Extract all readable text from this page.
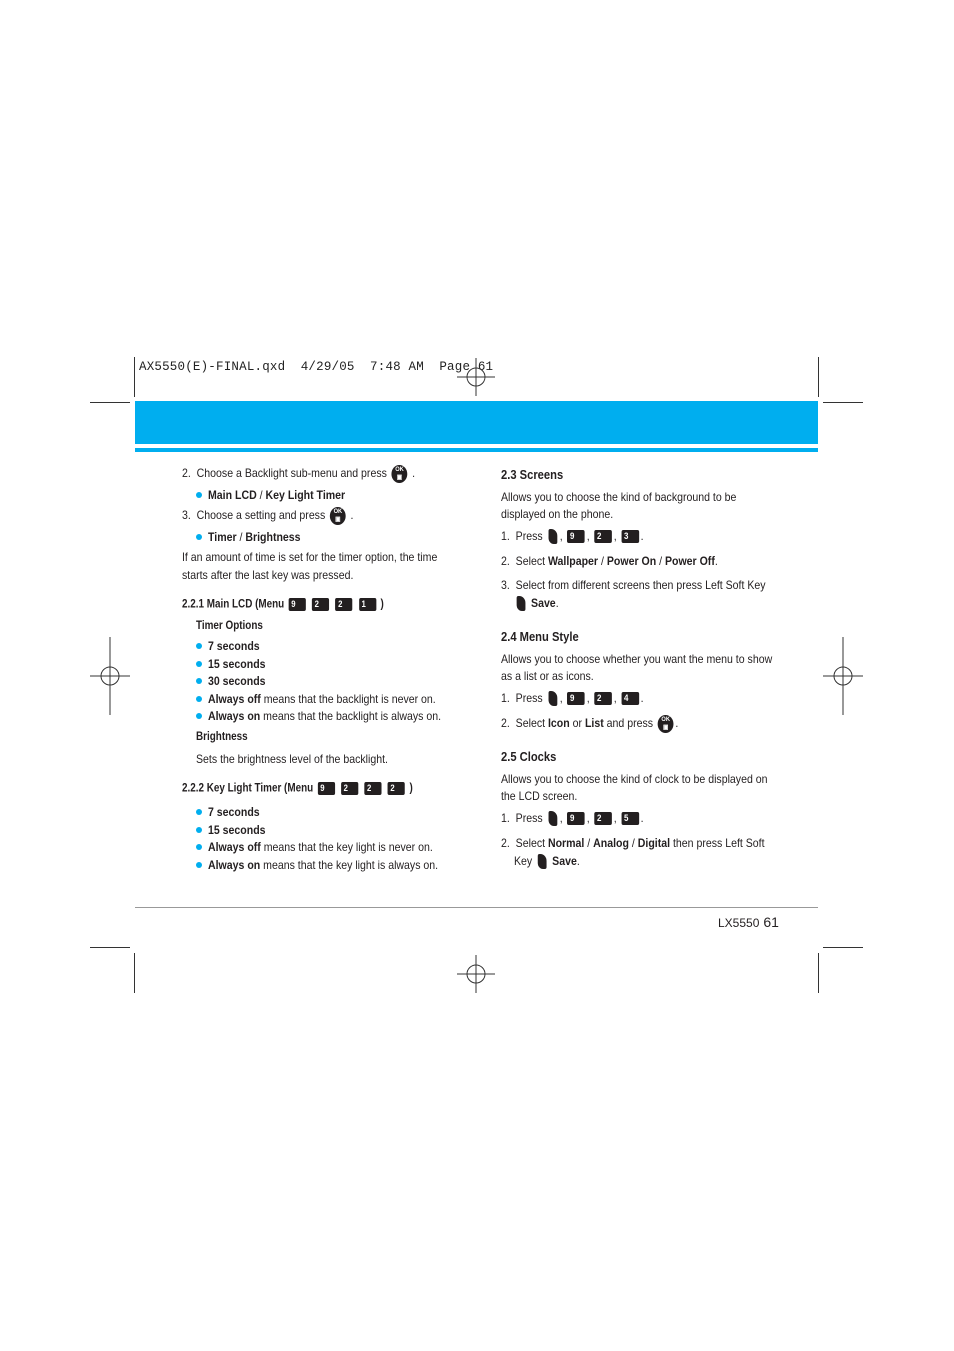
AX5550(E)-FINAL.qxd  4/29/05  7:48 AM  Page 61
2. Choose a Backlight sub-menu and press OK
▣ .
Main LCD / Key Light Timer
3. Choose a setting and press OK
▣ .
Timer / Brightness
If an amount of time is set for the timer option, the time
starts after the last key was pressed.
2.2.1 Main LCD (Menu 9 2 2 1 )
Timer Options
7 seconds
15 seconds
30 seconds
Always off means that the backlight is never on.
Always on means that the backlight is always on.
Brightness
Sets the brightness level of the backlight.
2.2.2 Key Light Timer (Menu 9 2 2 2 )
7 seconds
15 seconds
Always off means that the key light is never on.
Always on means that the key light is always on.
2.3 Screens
Allows you to choose the kind of background to be
displayed on the phone.
1. Press , 9 , 2 , 3 .
2. Select Wallpaper / Power On / Power Off.
3. Select from different screens then press Left Soft Key
Save.
2.4 Menu Style
Allows you to choose whether you want the menu to show
as a list or as icons.
1. Press , 9 , 2 , 4 .
2. Select Icon or List and press OK
▣ .
2.5 Clocks
Allows you to choose the kind of clock to be displayed on
the LCD screen.
1. Press , 9 , 2 , 5 .
2. Select Normal / Analog / Digital then press Left Soft
Key Save.
LX5550 61
